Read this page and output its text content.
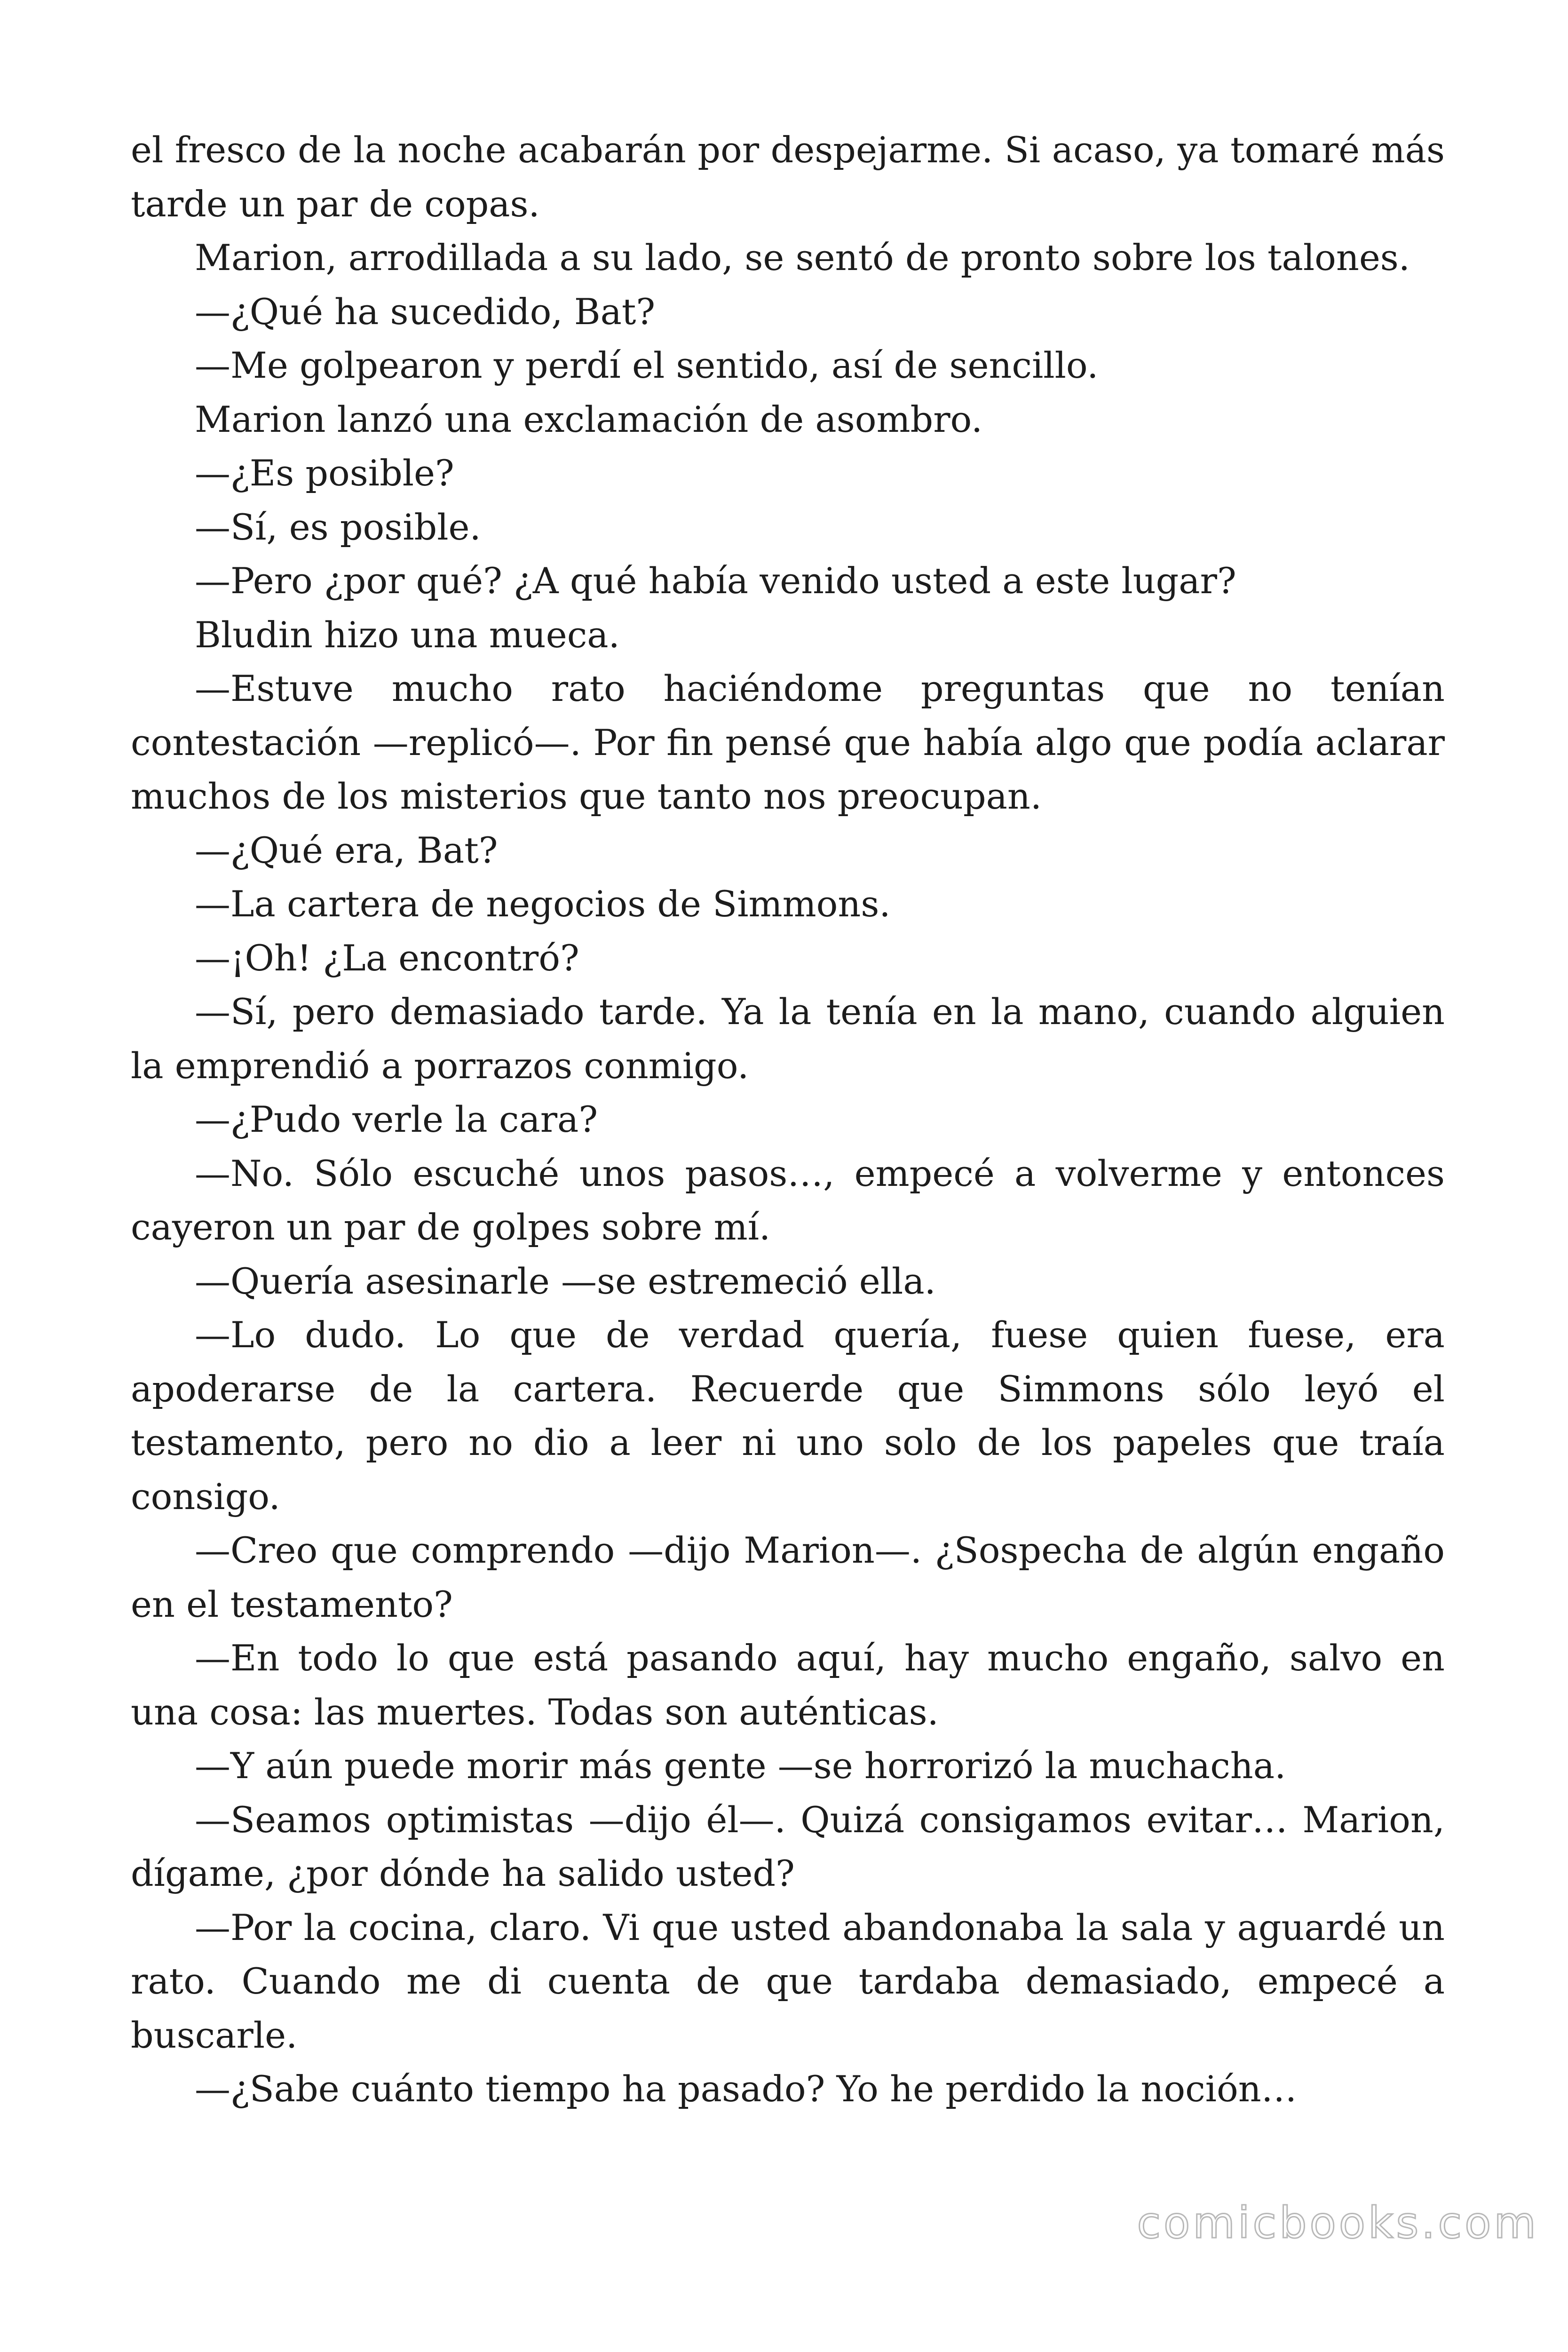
el fresco de la noche acabarán por despejarme. Si acaso, ya tomaré más tarde un par de copas.

Marion, arrodillada a su lado, se sentó de pronto sobre los talones.

—¿Qué ha sucedido, Bat?

—Me golpearon y perdí el sentido, así de sencillo.

Marion lanzó una exclamación de asombro.

—¿Es posible?

—Sí, es posible.

—Pero ¿por qué? ¿A qué había venido usted a este lugar?

Bludin hizo una mueca.

—Estuve mucho rato haciéndome preguntas que no tenían contestación —replicó—. Por fin pensé que había algo que podía aclarar muchos de los misterios que tanto nos preocupan.

—¿Qué era, Bat?

—La cartera de negocios de Simmons.

—¡Oh! ¿La encontró?

—Sí, pero demasiado tarde. Ya la tenía en la mano, cuando alguien la emprendió a porrazos conmigo.

—¿Pudo verle la cara?

—No. Sólo escuché unos pasos…, empecé a volverme y entonces cayeron un par de golpes sobre mí.

—Quería asesinarle —se estremeció ella.

—Lo dudo. Lo que de verdad quería, fuese quien fuese, era apoderarse de la cartera. Recuerde que Simmons sólo leyó el testamento, pero no dio a leer ni uno solo de los papeles que traía consigo.

—Creo que comprendo —dijo Marion—. ¿Sospecha de algún engaño en el testamento?

—En todo lo que está pasando aquí, hay mucho engaño, salvo en una cosa: las muertes. Todas son auténticas.

—Y aún puede morir más gente —se horrorizó la muchacha.

—Seamos optimistas —dijo él—. Quizá consigamos evitar… Marion, dígame, ¿por dónde ha salido usted?

—Por la cocina, claro. Vi que usted abandonaba la sala y aguardé un rato. Cuando me di cuenta de que tardaba demasiado, empecé a buscarle.

—¿Sabe cuánto tiempo ha pasado? Yo he perdido la noción…

comicbooks.com
